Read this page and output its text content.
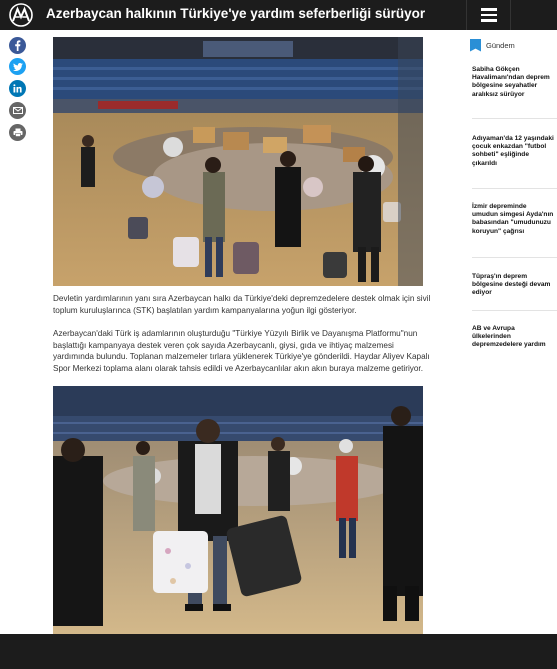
Azerbaycan halkının Türkiye'ye yardım seferberliği sürüyor

Devletin yardımlarının yanı sıra Azerbaycan halkı da Türkiye'deki depremzedelere destek olmak için sivil toplum kuruluşlarınca (STK) başlatılan yardım kampanyalarına yoğun ilgi gösteriyor.

Azerbaycan'daki Türk iş adamlarının oluşturduğu "Türkiye Yüzyılı Birlik ve Dayanışma Platformu"nun başlattığı kampanyaya destek veren çok sayıda Azerbaycanlı, giysi, gıda ve ihtiyaç malzemesi yardımında bulundu. Toplanan malzemeler tırlara yüklenerek Türkiye'ye gönderildi. Haydar Aliyev Kapalı Spor Merkezi toplama alanı olarak tahsis edildi ve Azerbaycanlılar akın akın buraya malzeme getiriyor.

Gündem
Sabiha Gökçen Havalimanı'ndan deprem bölgesine seyahatler aralıksız sürüyor
Adıyaman'da 12 yaşındaki çocuk enkazdan "futbol sohbeti" eşliğinde çıkarıldı
İzmir depreminde umudun simgesi Ayda'nın babasından "umudunuzu koruyun" çağrısı
Tüpraş'ın deprem bölgesine desteği devam ediyor
AB ve Avrupa ülkelerinden depremzedelere yardım
